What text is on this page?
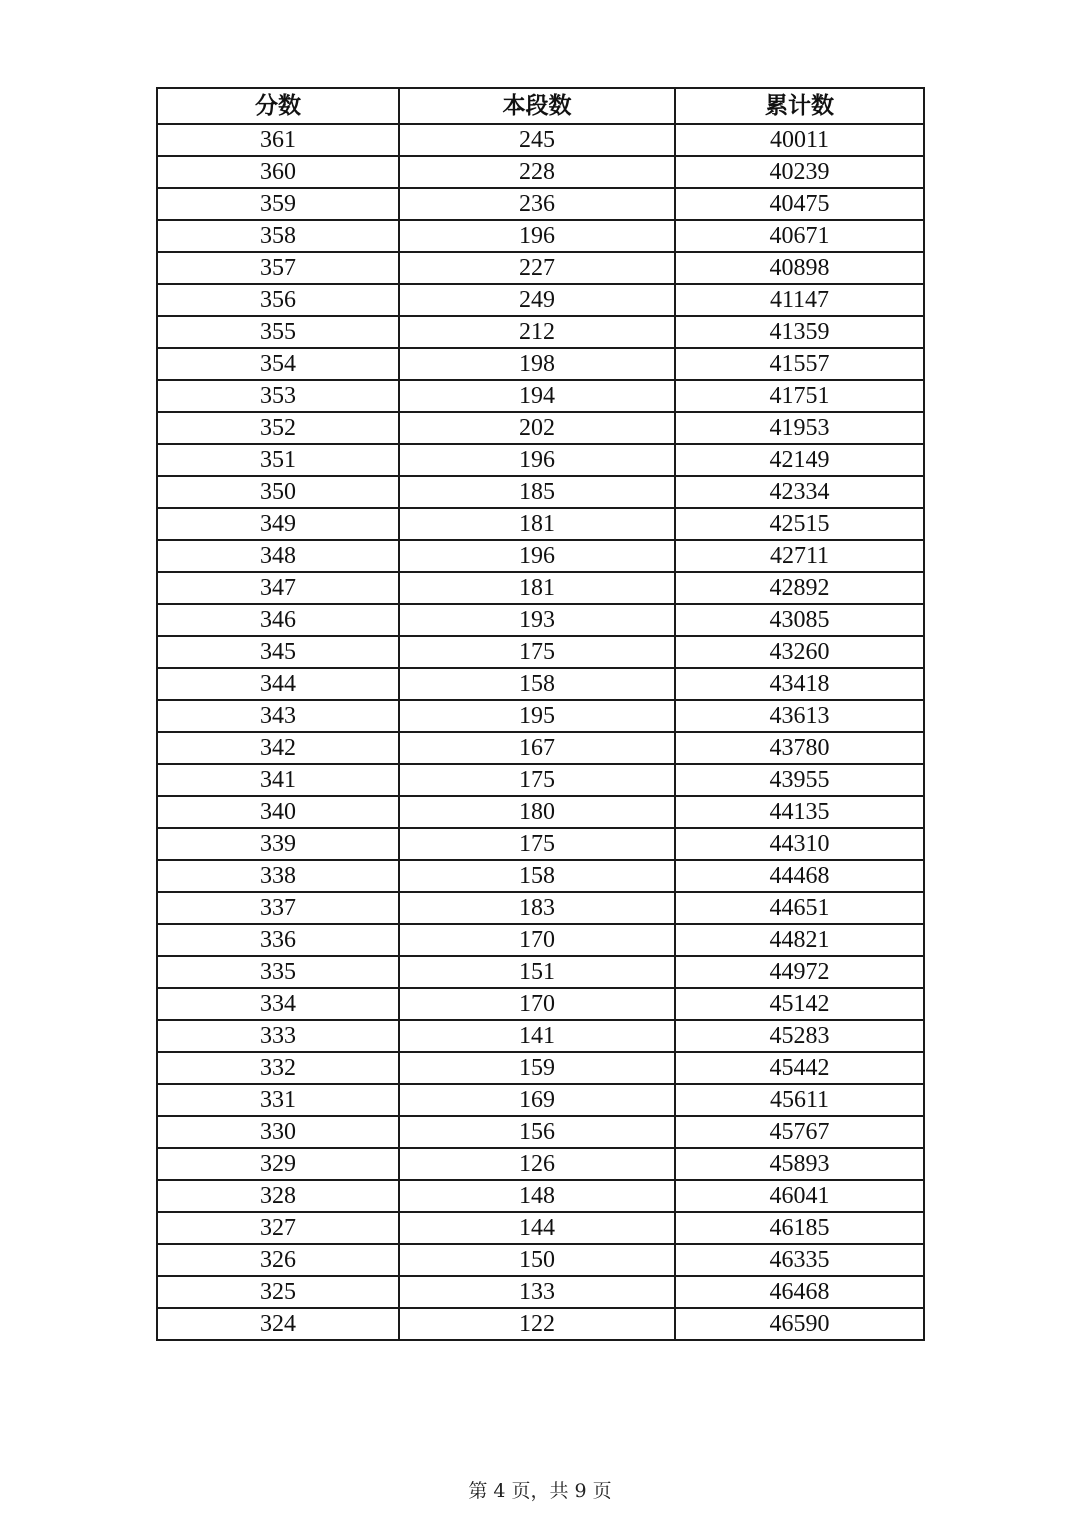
分数	本段数	累计数
361	245	40011
360	228	40239
359	236	40475
358	196	40671
357	227	40898
356	249	41147
355	212	41359
354	198	41557
353	194	41751
352	202	41953
351	196	42149
350	185	42334
349	181	42515
348	196	42711
347	181	42892
346	193	43085
345	175	43260
344	158	43418
343	195	43613
342	167	43780
341	175	43955
340	180	44135
339	175	44310
338	158	44468
337	183	44651
336	170	44821
335	151	44972
334	170	45142
333	141	45283
332	159	45442
331	169	45611
330	156	45767
329	126	45893
328	148	46041
327	144	46185
326	150	46335
325	133	46468
324	122	46590
第 4 页，共 9 页
